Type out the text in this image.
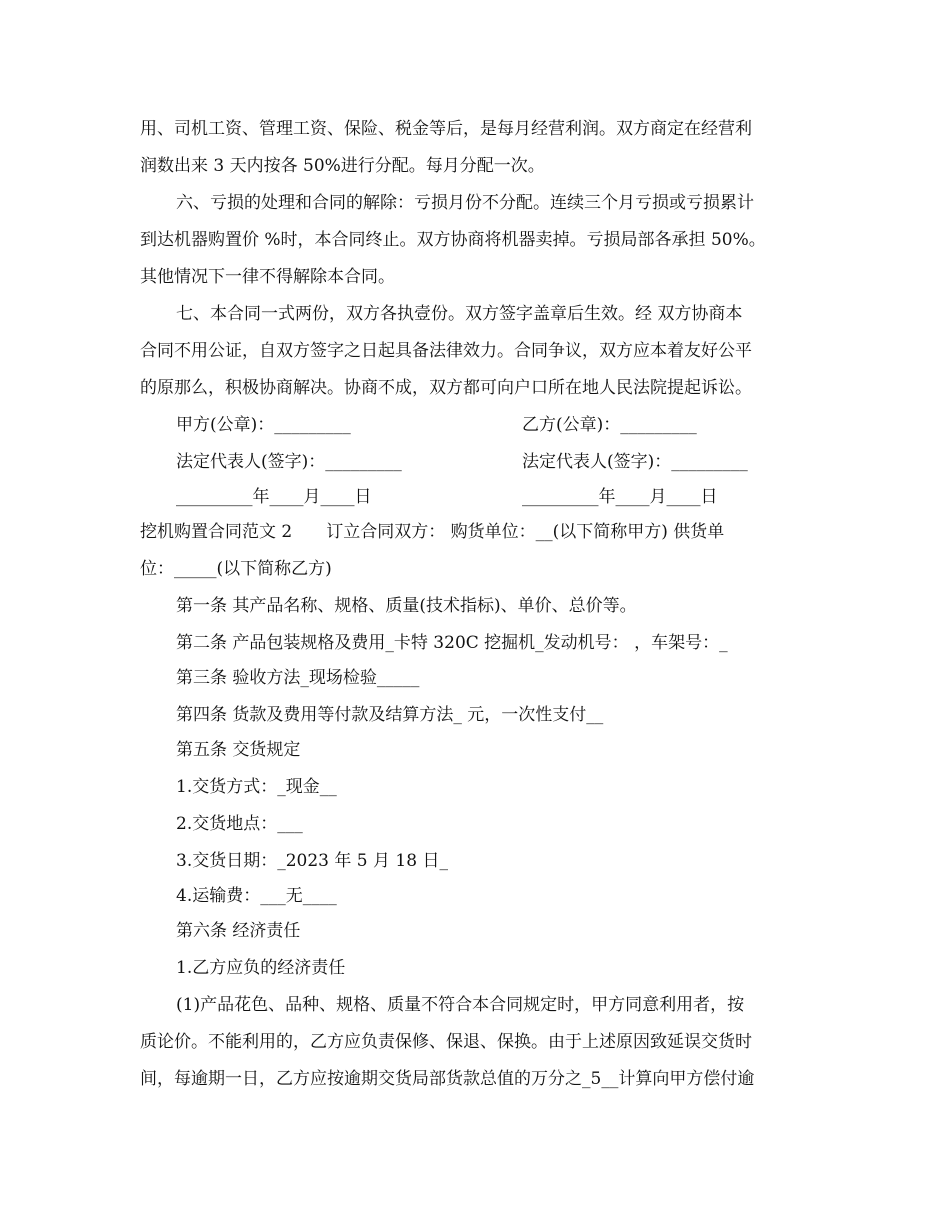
用、司机工资、管理工资、保险、税金等后，是每月经营利润。双方商定在经营利
润数出来 3 天内按各 50%进行分配。每月分配一次。
六、亏损的处理和合同的解除：亏损月份不分配。连续三个月亏损或亏损累计
到达机器购置价 %时，本合同终止。双方协商将机器卖掉。亏损局部各承担 50%。
其他情况下一律不得解除本合同。
七、本合同一式两份，双方各执壹份。双方签字盖章后生效。经 双方协商本
合同不用公证，自双方签字之日起具备法律效力。合同争议，双方应本着友好公平
的原那么，积极协商解决。协商不成，双方都可向户口所在地人民法院提起诉讼。
甲方(公章)：_________	乙方(公章)：_________
法定代表人(签字)：_________	法定代表人(签字)：_________
_________年____月____日	_________年____月____日
挖机购置合同范文 2　　订立合同双方： 购货单位：__(以下简称甲方) 供货单
位：_____(以下简称乙方)
第一条 其产品名称、规格、质量(技术指标)、单价、总价等。
第二条 产品包装规格及费用_卡特 320C 挖掘机_发动机号： ，车架号：_
第三条 验收方法_现场检验_____
第四条 货款及费用等付款及结算方法_ 元，一次性支付__
第五条 交货规定
1.交货方式：_现金__
2.交货地点：___
3.交货日期：_2023 年 5 月 18 日_
4.运输费：___无____
第六条 经济责任
1.乙方应负的经济责任
(1)产品花色、品种、规格、质量不符合本合同规定时，甲方同意利用者，按
质论价。不能利用的，乙方应负责保修、保退、保换。由于上述原因致延误交货时
间，每逾期一日，乙方应按逾期交货局部货款总值的万分之_5__计算向甲方偿付逾
